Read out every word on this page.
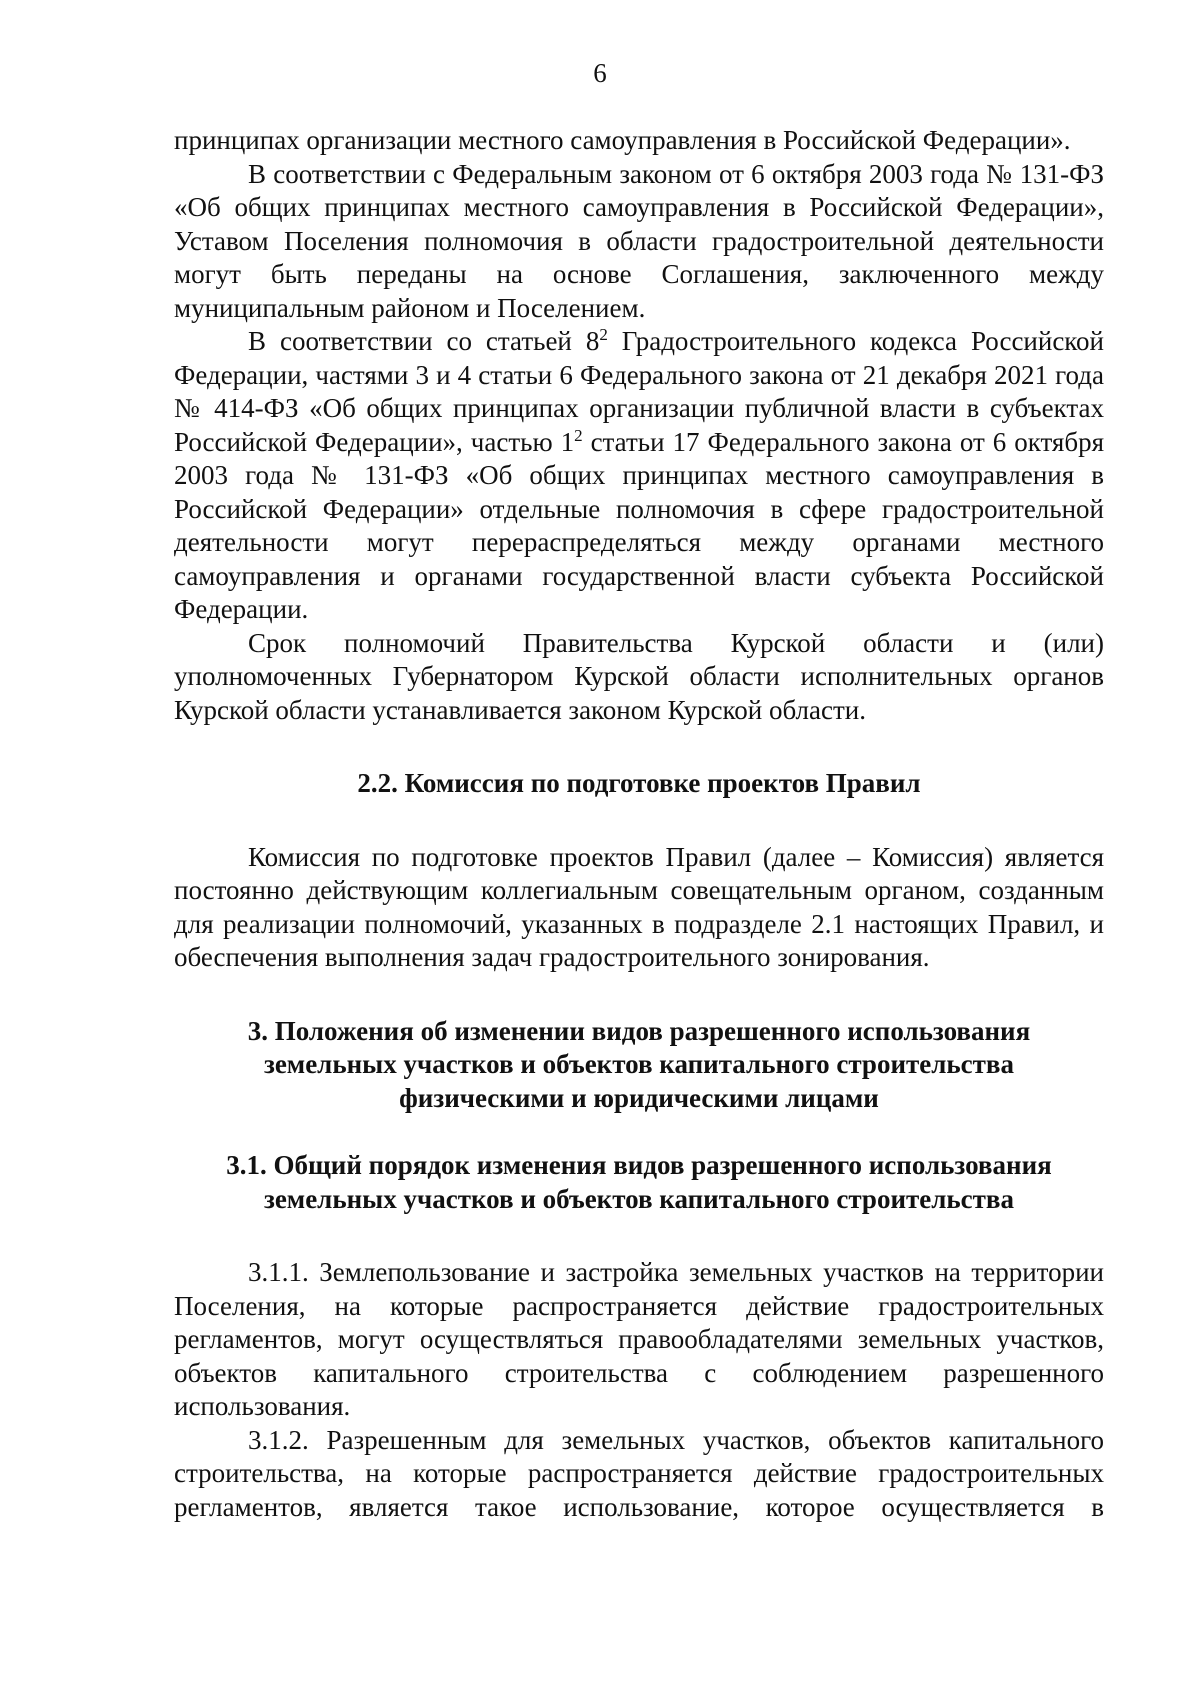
6

принципах организации местного самоуправления в Российской Федерации».

В соответствии с Федеральным законом от 6 октября 2003 года № 131-ФЗ «Об общих принципах местного самоуправления в Российской Федерации», Уставом Поселения полномочия в области градостроительной деятельности могут быть переданы на основе Соглашения, заключенного между муниципальным районом и Поселением.

В соответствии со статьей $8^2$ Градостроительного кодекса Российской Федерации, частями 3 и 4 статьи 6 Федерального закона от 21 декабря 2021 года № 414-ФЗ «Об общих принципах организации публичной власти в субъектах Российской Федерации», частью $1^2$ статьи 17 Федерального закона от 6 октября 2003 года № 131-ФЗ «Об общих принципах местного самоуправления в Российской Федерации» отдельные полномочия в сфере градостроительной деятельности могут перераспределяться между органами местного самоуправления и органами государственной власти субъекта Российской Федерации.

Срок полномочий Правительства Курской области и (или) уполномоченных Губернатором Курской области исполнительных органов Курской области устанавливается законом Курской области.

2.2. Комиссия по подготовке проектов Правил

Комиссия по подготовке проектов Правил (далее – Комиссия) является постоянно действующим коллегиальным совещательным органом, созданным для реализации полномочий, указанных в подразделе 2.1 настоящих Правил, и обеспечения выполнения задач градостроительного зонирования.

3. Положения об изменении видов разрешенного использования
земельных участков и объектов капитального строительства
физическими и юридическими лицами
3.1. Общий порядок изменения видов разрешенного использования
земельных участков и объектов капитального строительства

3.1.1. Землепользование и застройка земельных участков на территории Поселения, на которые распространяется действие градостроительных регламентов, могут осуществляться правообладателями земельных участков, объектов капитального строительства с соблюдением разрешенного использования.

3.1.2. Разрешенным для земельных участков, объектов капитального строительства, на которые распространяется действие градостроительных регламентов, является такое использование, которое осуществляется в
